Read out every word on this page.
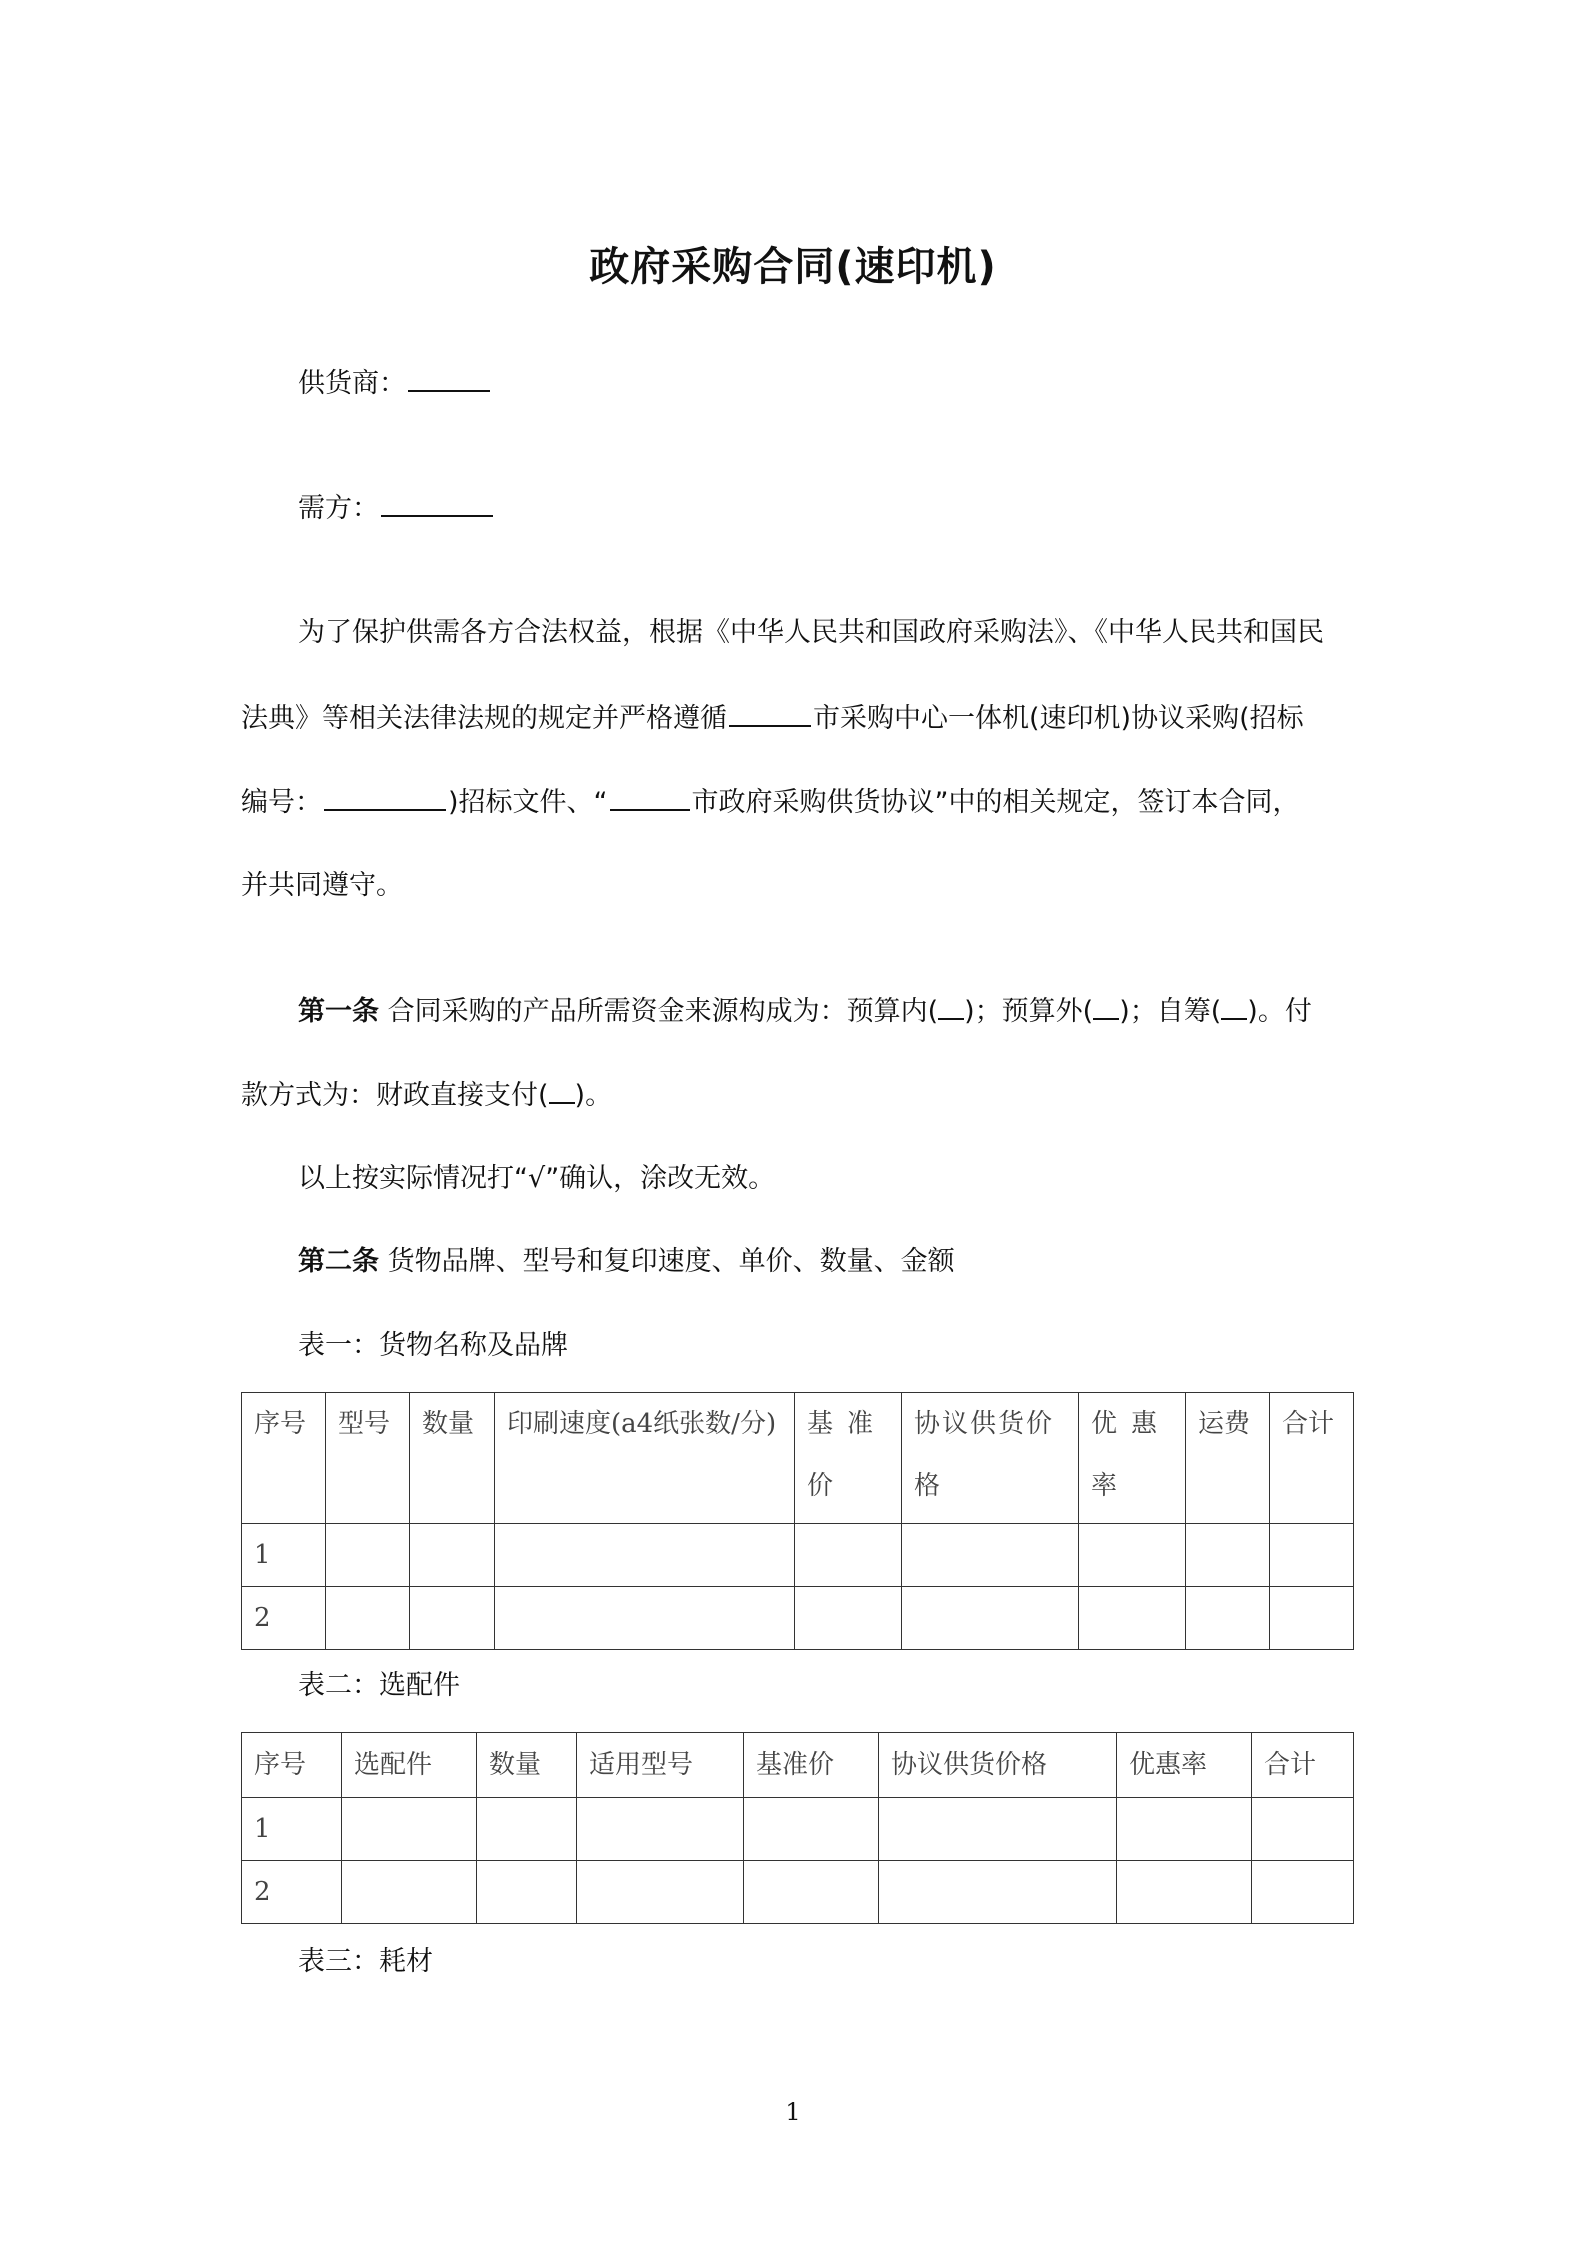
政府采购合同(速印机)
供货商：
需方：
为了保护供需各方合法权益，根据《中华人民共和国政府采购法》、《中华人民共和国民
法典》等相关法律法规的规定并严格遵循	市采购中心一体机(速印机)协议采购(招标
编号：	)招标文件、“	市政府采购供货协议”中的相关规定，签订本合同，
并共同遵守。
第一条 合同采购的产品所需资金来源构成为：预算内( )；预算外( )；自筹( )。付
款方式为：财政直接支付( )。
以上按实际情况打“√”确认，涂改无效。
第二条 货物品牌、型号和复印速度、单价、数量、金额
表一：货物名称及品牌
序号	型号	数量	印刷速度(a4纸张数/分)	基准价	协议供货价格	优惠率	运费	合计
1								
2								
表二：选配件
序号	选配件	数量	适用型号	基准价	协议供货价格	优惠率	合计
1							
2							
表三：耗材
1
